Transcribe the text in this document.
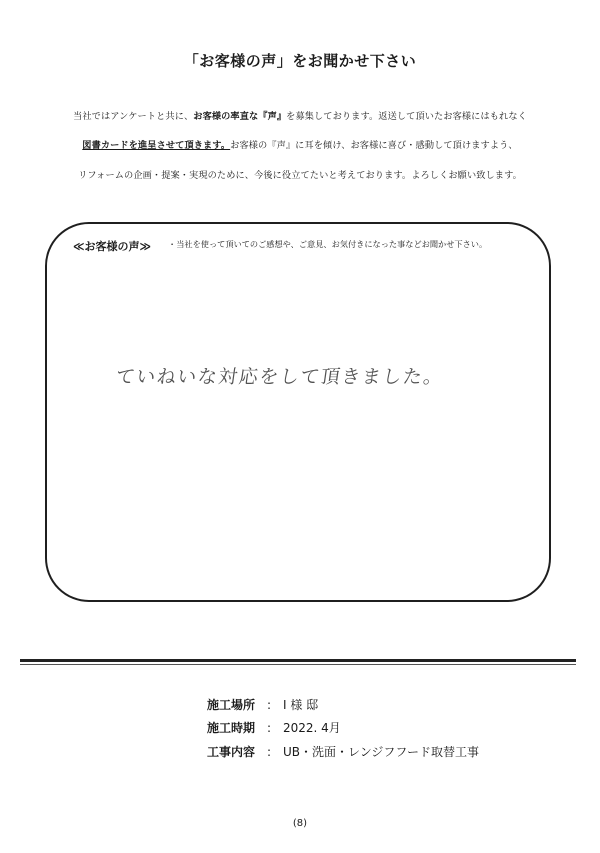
「お客様の声」をお聞かせ下さい
当社ではアンケートと共に、お客様の率直な『声』を募集しております。返送して頂いたお客様にはもれなく
図書カードを進呈させて頂きます。お客様の『声』に耳を傾け、お客様に喜び・感動して頂けますよう、
リフォームの企画・提案・実現のために、今後に役立てたいと考えております。よろしくお願い致します。
≪お客様の声≫ ・当社を使って頂いてのご感想や、ご意見、お気付きになった事などお聞かせ下さい。
ていねいな対応をして頂きました。
施工場所 : I 様 邸
施工時期 : 2022. 4月
工事内容 : UB・洗面・レンジフフード取替工事
(8)
